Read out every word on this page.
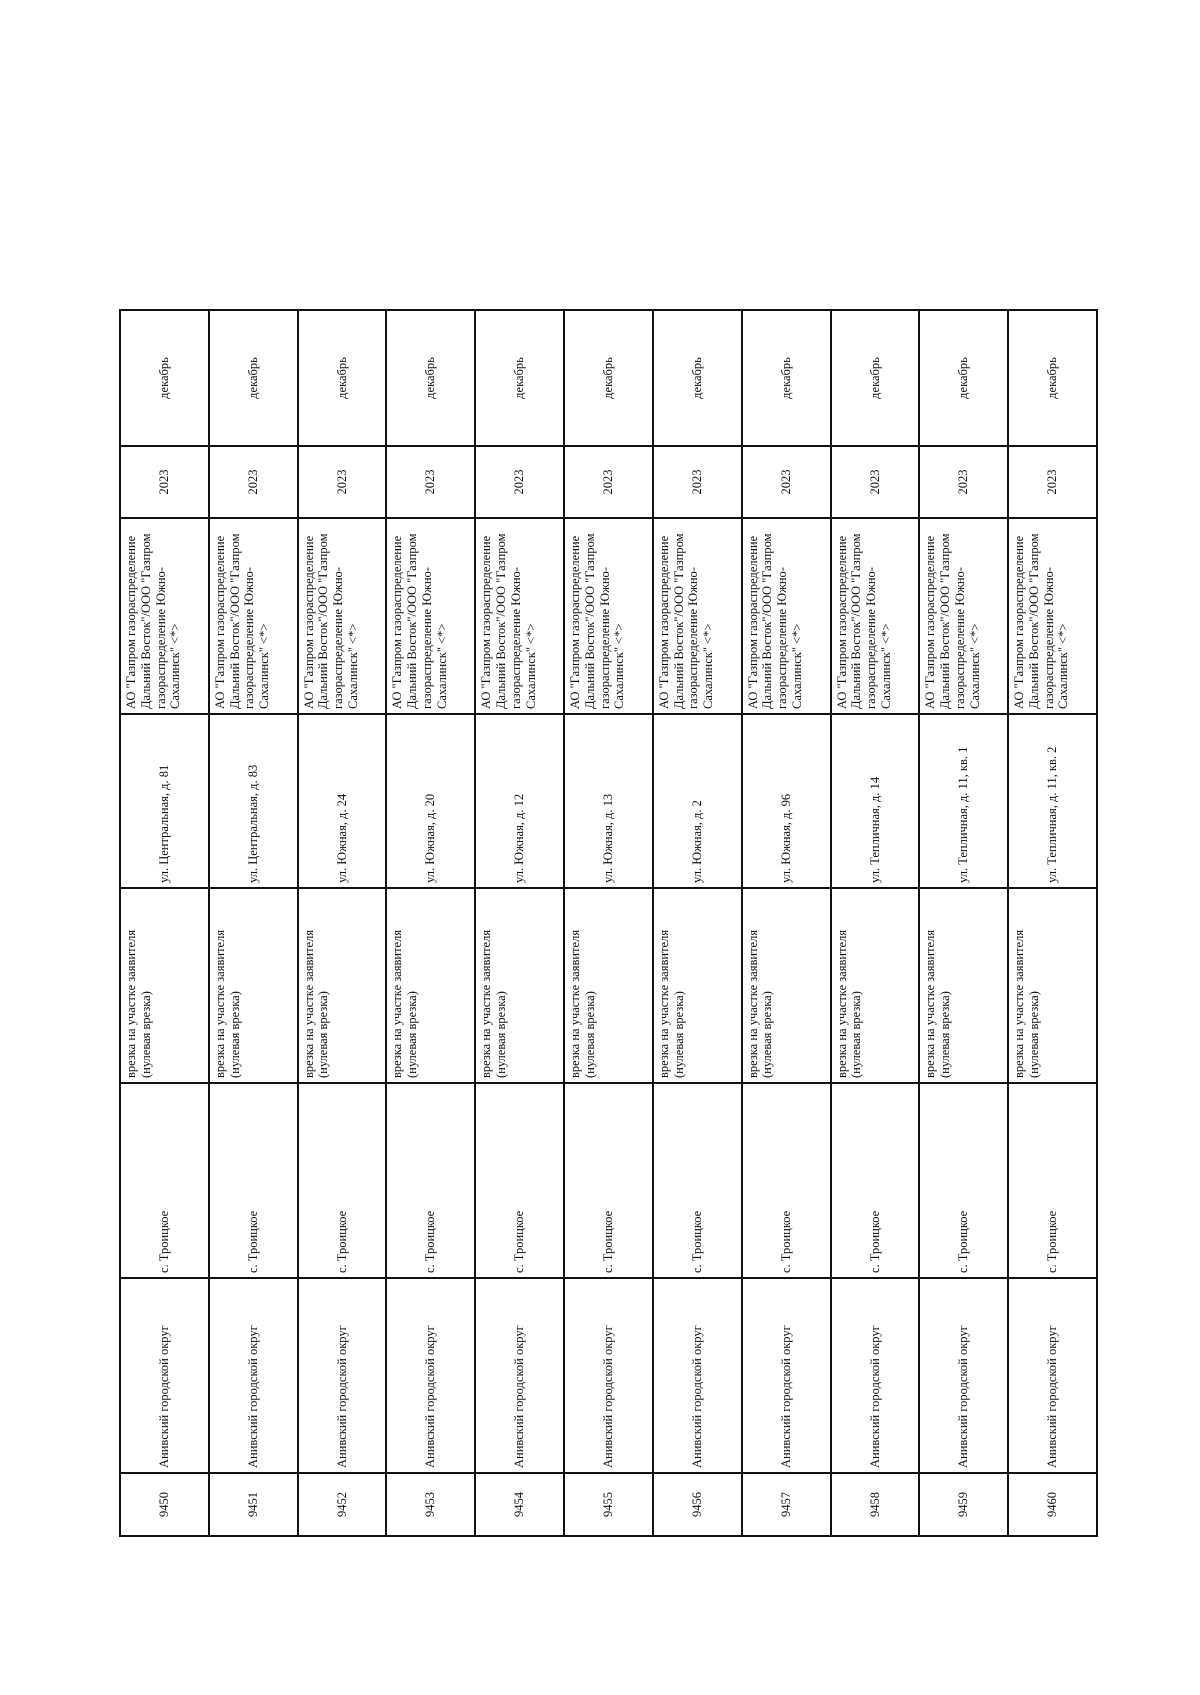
9450	Анивский городской округ	с. Троицкое	врезка на участке заявителя (нулевая врезка)	ул. Центральная, д. 81	АО "Газпром газораспределение Дальний Восток"/ООО "Газпром газораспределение Южно-Сахалинск" <*>	2023	декабрь
9451	Анивский городской округ	с. Троицкое	врезка на участке заявителя (нулевая врезка)	ул. Центральная, д. 83	АО "Газпром газораспределение Дальний Восток"/ООО "Газпром газораспределение Южно-Сахалинск" <*>	2023	декабрь
9452	Анивский городской округ	с. Троицкое	врезка на участке заявителя (нулевая врезка)	ул. Южная, д. 24	АО "Газпром газораспределение Дальний Восток"/ООО "Газпром газораспределение Южно-Сахалинск" <*>	2023	декабрь
9453	Анивский городской округ	с. Троицкое	врезка на участке заявителя (нулевая врезка)	ул. Южная, д. 20	АО "Газпром газораспределение Дальний Восток"/ООО "Газпром газораспределение Южно-Сахалинск" <*>	2023	декабрь
9454	Анивский городской округ	с. Троицкое	врезка на участке заявителя (нулевая врезка)	ул. Южная, д. 12	АО "Газпром газораспределение Дальний Восток"/ООО "Газпром газораспределение Южно-Сахалинск" <*>	2023	декабрь
9455	Анивский городской округ	с. Троицкое	врезка на участке заявителя (нулевая врезка)	ул. Южная, д. 13	АО "Газпром газораспределение Дальний Восток"/ООО "Газпром газораспределение Южно-Сахалинск" <*>	2023	декабрь
9456	Анивский городской округ	с. Троицкое	врезка на участке заявителя (нулевая врезка)	ул. Южная, д. 2	АО "Газпром газораспределение Дальний Восток"/ООО "Газпром газораспределение Южно-Сахалинск" <*>	2023	декабрь
9457	Анивский городской округ	с. Троицкое	врезка на участке заявителя (нулевая врезка)	ул. Южная, д. 96	АО "Газпром газораспределение Дальний Восток"/ООО "Газпром газораспределение Южно-Сахалинск" <*>	2023	декабрь
9458	Анивский городской округ	с. Троицкое	врезка на участке заявителя (нулевая врезка)	ул. Тепличная, д. 14	АО "Газпром газораспределение Дальний Восток"/ООО "Газпром газораспределение Южно-Сахалинск" <*>	2023	декабрь
9459	Анивский городской округ	с. Троицкое	врезка на участке заявителя (нулевая врезка)	ул. Тепличная, д. 11, кв. 1	АО "Газпром газораспределение Дальний Восток"/ООО "Газпром газораспределение Южно-Сахалинск" <*>	2023	декабрь
9460	Анивский городской округ	с. Троицкое	врезка на участке заявителя (нулевая врезка)	ул. Тепличная, д. 11, кв. 2	АО "Газпром газораспределение Дальний Восток"/ООО "Газпром газораспределение Южно-Сахалинск" <*>	2023	декабрь
